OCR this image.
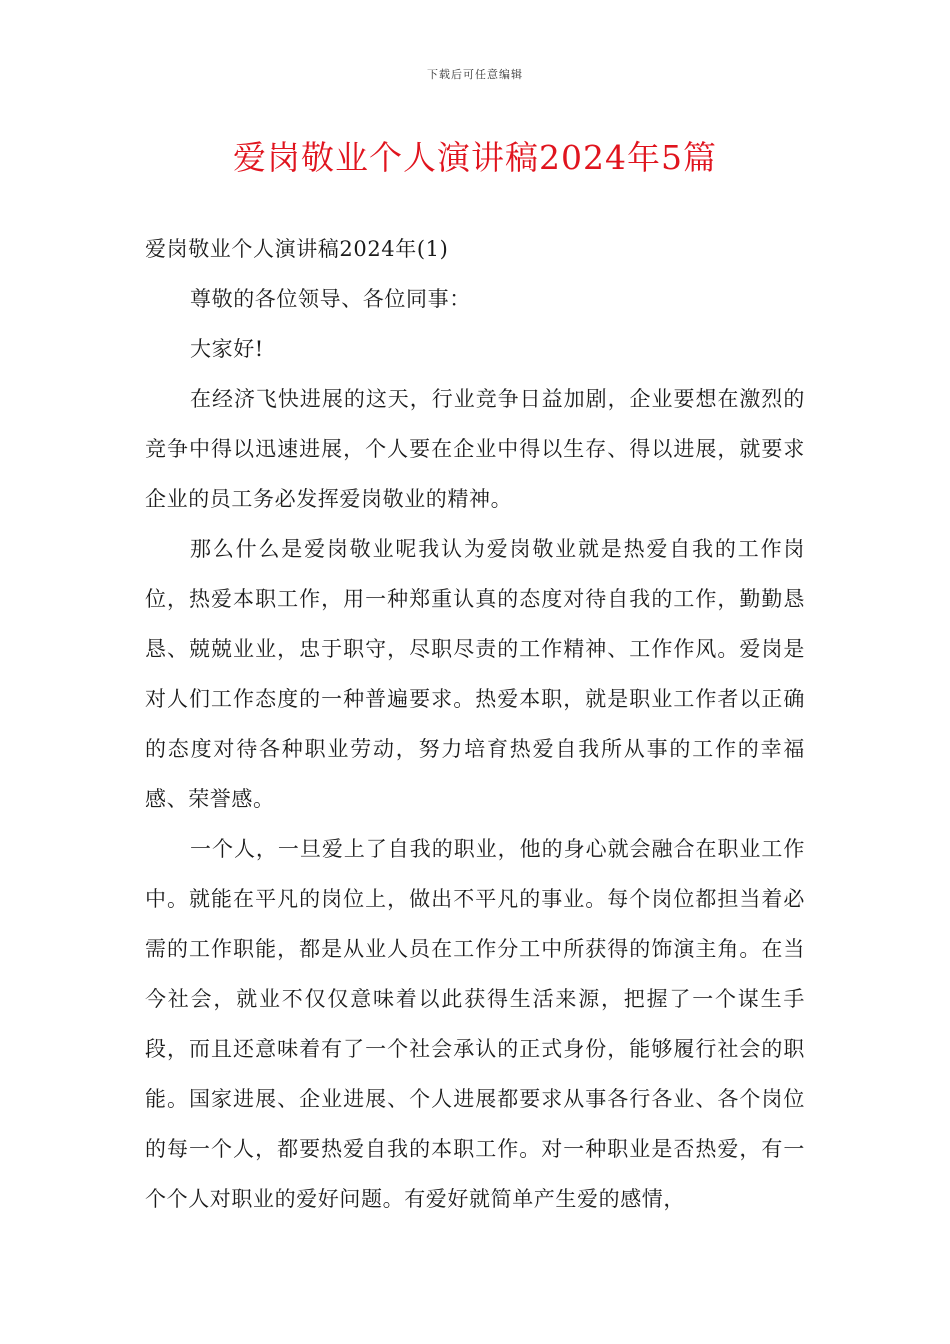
下载后可任意编辑
爱岗敬业个人演讲稿2024年5篇

爱岗敬业个人演讲稿2024年(1)

尊敬的各位领导、各位同事：

大家好!

在经济飞快进展的这天，行业竞争日益加剧，企业要想在激烈的竞争中得以迅速进展，个人要在企业中得以生存、得以进展，就要求企业的员工务必发挥爱岗敬业的精神。

那么什么是爱岗敬业呢我认为爱岗敬业就是热爱自我的工作岗位，热爱本职工作，用一种郑重认真的态度对待自我的工作，勤勤恳恳、兢兢业业，忠于职守，尽职尽责的工作精神、工作作风。爱岗是对人们工作态度的一种普遍要求。热爱本职，就是职业工作者以正确的态度对待各种职业劳动，努力培育热爱自我所从事的工作的幸福感、荣誉感。

一个人，一旦爱上了自我的职业，他的身心就会融合在职业工作中。就能在平凡的岗位上，做出不平凡的事业。每个岗位都担当着必需的工作职能，都是从业人员在工作分工中所获得的饰演主角。在当今社会，就业不仅仅意味着以此获得生活来源，把握了一个谋生手段，而且还意味着有了一个社会承认的正式身份，能够履行社会的职能。国家进展、企业进展、个人进展都要求从事各行各业、各个岗位的每一个人，都要热爱自我的本职工作。对一种职业是否热爱，有一个个人对职业的爱好问题。有爱好就简单产生爱的感情，
